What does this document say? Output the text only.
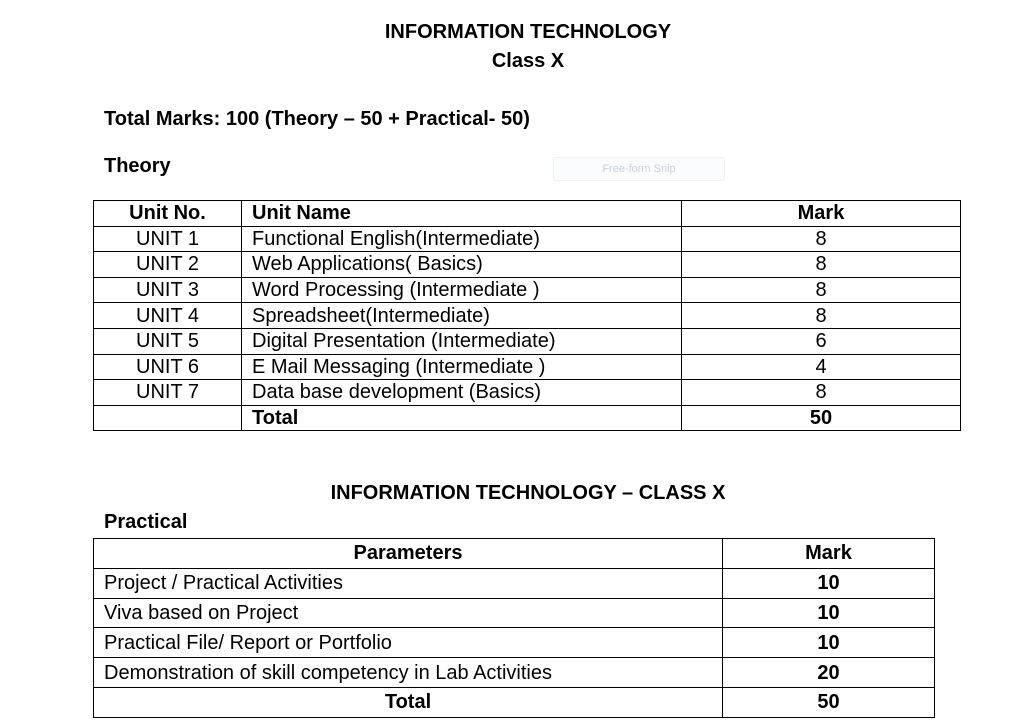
INFORMATION TECHNOLOGY
Class X
Total Marks: 100 (Theory – 50 + Practical- 50)
Theory	Free-form Snip
Unit No.	Unit Name	Mark
UNIT 1	Functional English(Intermediate)	8
UNIT 2	Web Applications( Basics)	8
UNIT 3	Word Processing (Intermediate )	8
UNIT 4	Spreadsheet(Intermediate)	8
UNIT 5	Digital Presentation (Intermediate)	6
UNIT 6	E Mail Messaging (Intermediate )	4
UNIT 7	Data base development (Basics)	8
	Total	50
INFORMATION TECHNOLOGY – CLASS X
Practical
Parameters	Mark
Project / Practical Activities	10
Viva based on Project	10
Practical File/ Report or Portfolio	10
Demonstration of skill competency in Lab Activities	20
Total	50
